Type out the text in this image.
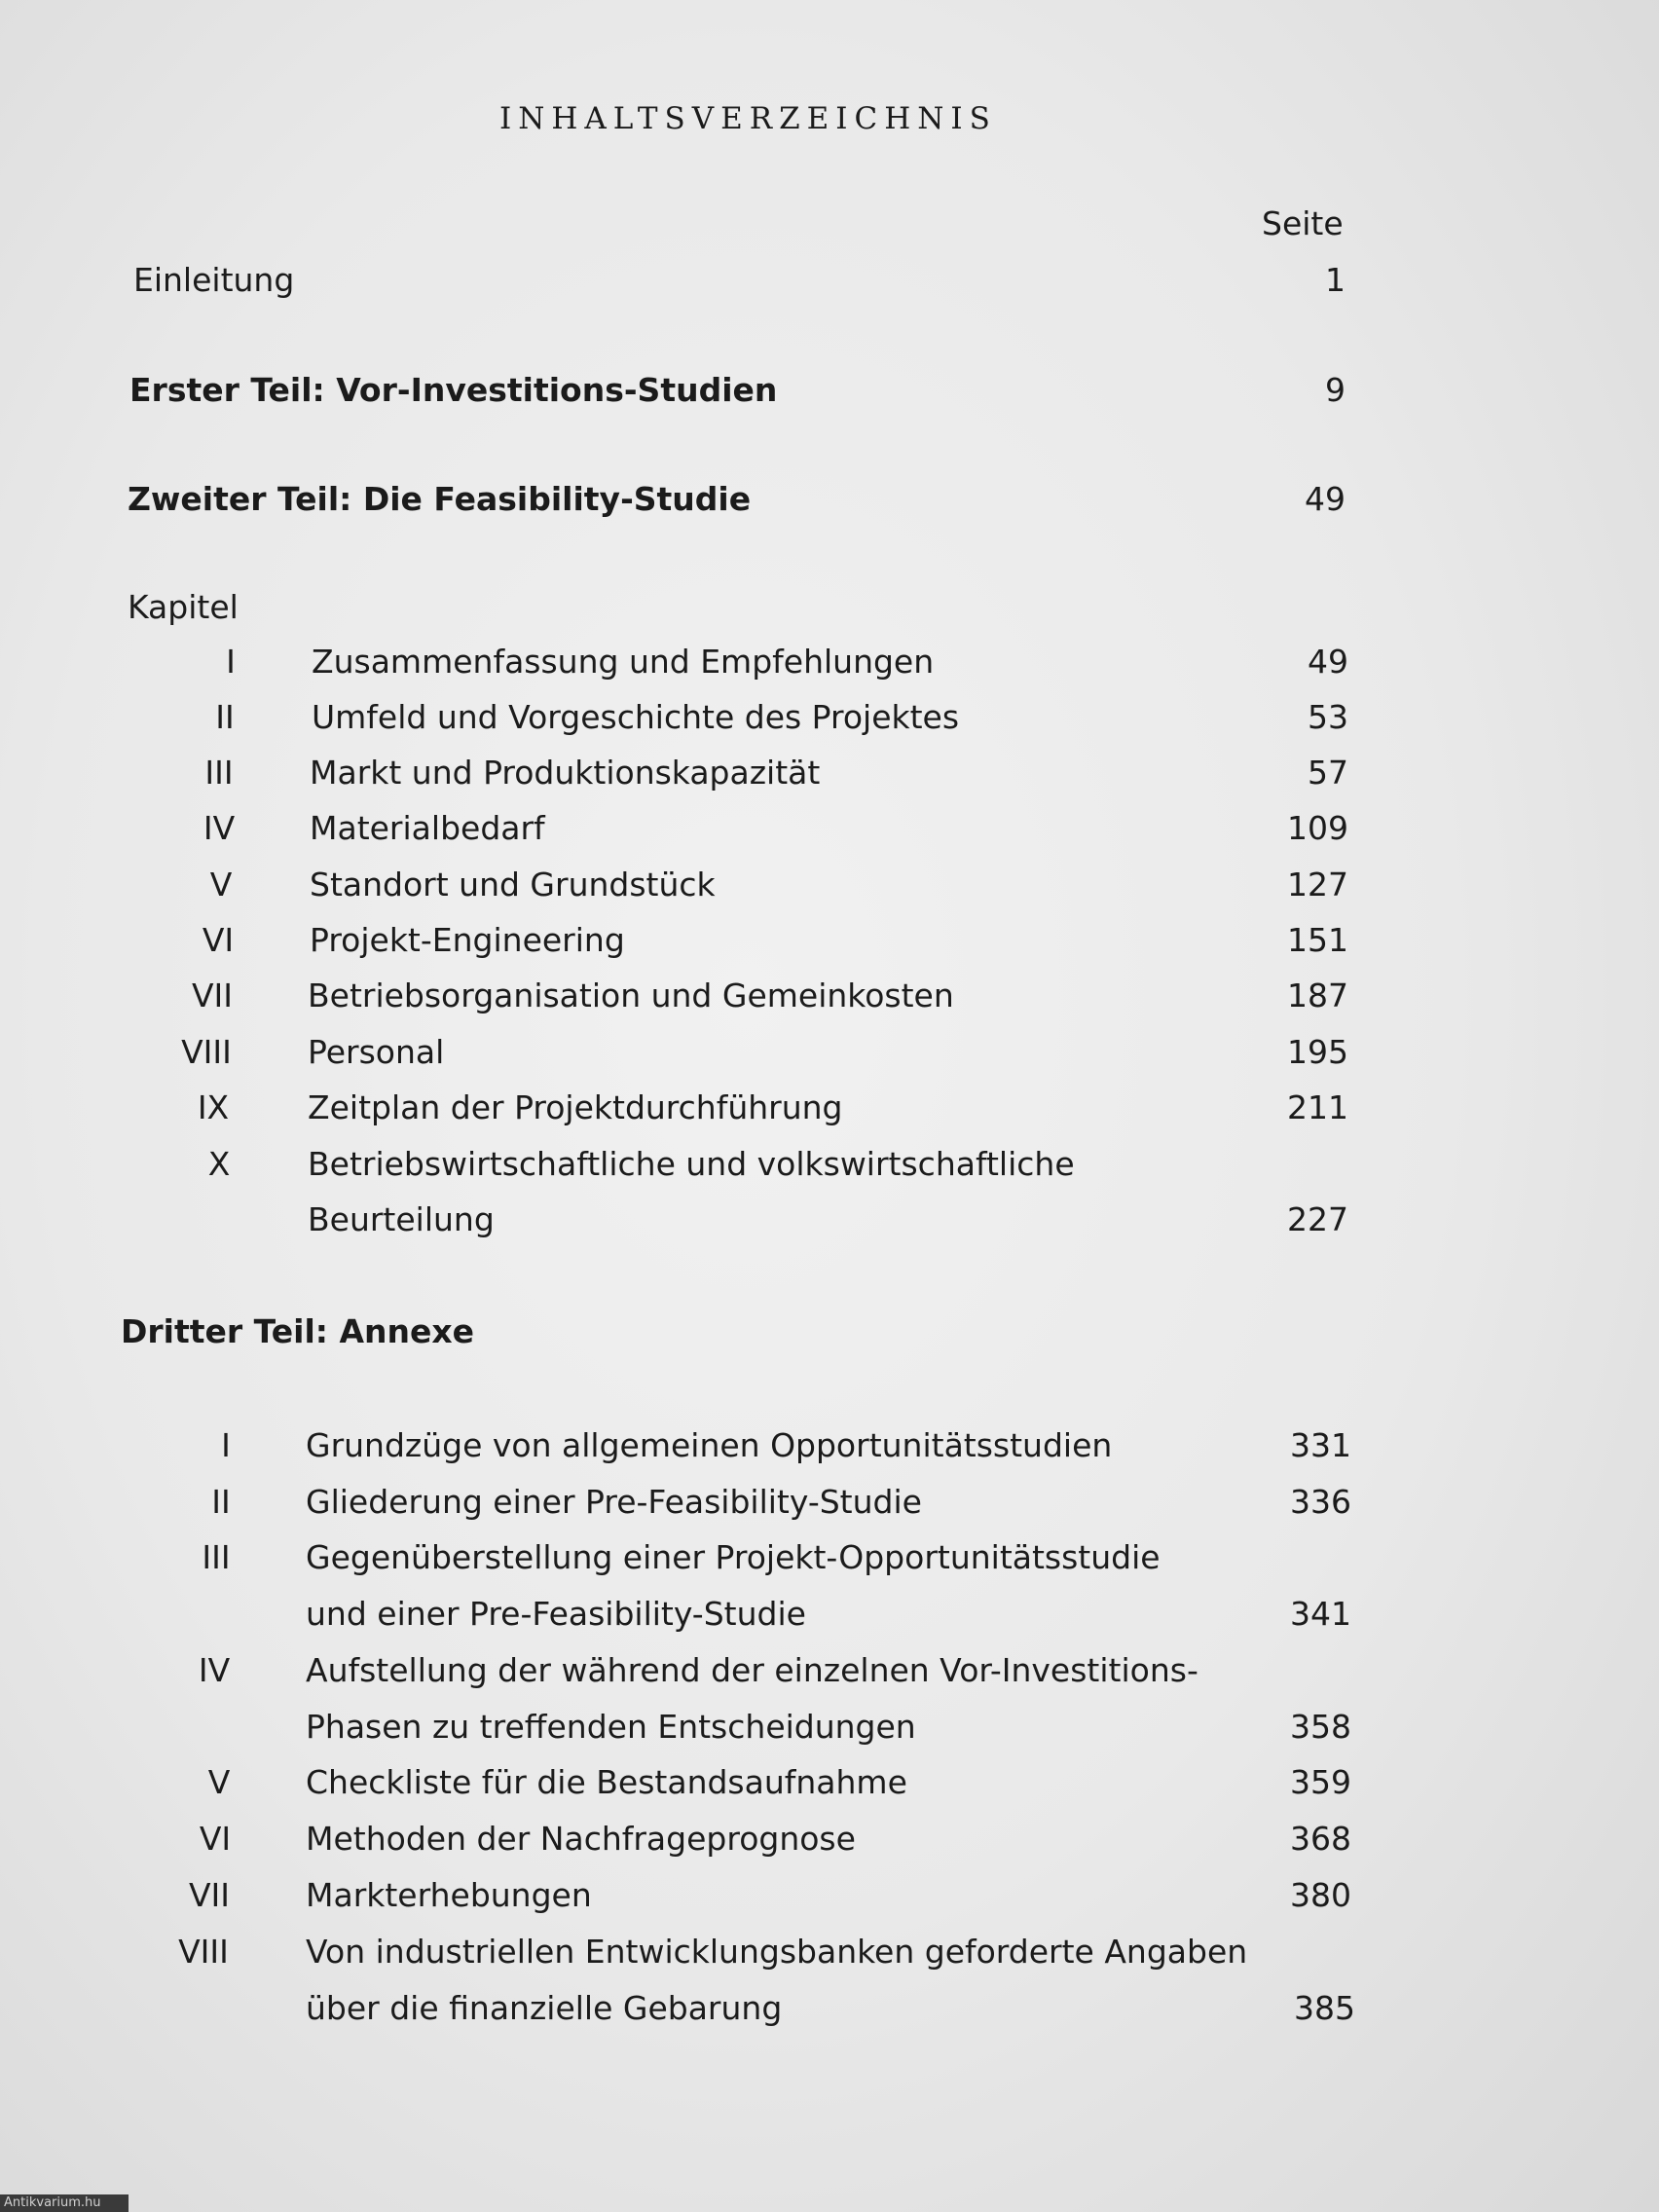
INHALTSVERZEICHNIS
Seite
Einleitung	1
Erster Teil: Vor-Investitions-Studien	9
Zweiter Teil: Die Feasibility-Studie	49
Kapitel
I	Zusammenfassung und Empfehlungen	49
II	Umfeld und Vorgeschichte des Projektes	53
III	Markt und Produktionskapazität	57
IV	Materialbedarf	109
V	Standort und Grundstück	127
VI	Projekt-Engineering	151
VII	Betriebsorganisation und Gemeinkosten	187
VIII	Personal	195
IX	Zeitplan der Projektdurchführung	211
X	Betriebswirtschaftliche und volkswirtschaftliche
Beurteilung	227
Dritter Teil: Annexe
I	Grundzüge von allgemeinen Opportunitätsstudien	331
II	Gliederung einer Pre-Feasibility-Studie	336
III	Gegenüberstellung einer Projekt-Opportunitätsstudie
und einer Pre-Feasibility-Studie	341
IV	Aufstellung der während der einzelnen Vor-Investitions-
Phasen zu treffenden Entscheidungen	358
V	Checkliste für die Bestandsaufnahme	359
VI	Methoden der Nachfrageprognose	368
VII	Markterhebungen	380
VIII	Von industriellen Entwicklungsbanken geforderte Angaben
über die finanzielle Gebarung	385
Antikvarium.hu
